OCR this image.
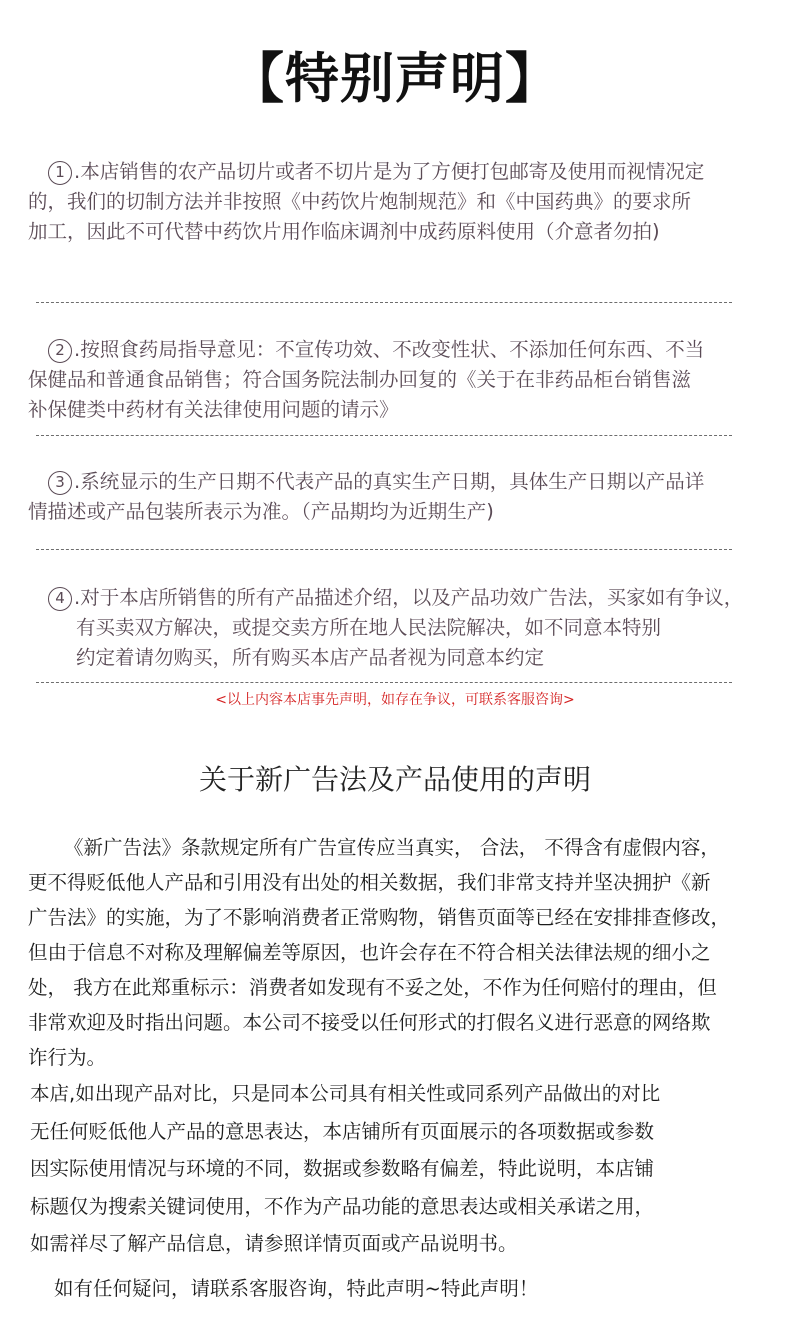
【特别声明】
1 .本店销售的农产品切片或者不切片是为了方便打包邮寄及使用而视情况定
的，我们的切制方法并非按照《中药饮片炮制规范》和《中国药典》的要求所
加工，因此不可代替中药饮片用作临床调剂中成药原料使用（介意者勿拍)
2 .按照食药局指导意见：不宣传功效、不改变性状、不添加任何东西、不当
保健品和普通食品销售；符合国务院法制办回复的《关于在非药品柜台销售滋
补保健类中药材有关法律使用问题的请示》
3 .系统显示的生产日期不代表产品的真实生产日期，具体生产日期以产品详
情描述或产品包装所表示为准。（产品期均为近期生产)
4 .对于本店所销售的所有产品描述介绍，以及产品功效广告法，买家如有争议，
有买卖双方解决，或提交卖方所在地人民法院解决，如不同意本特别
约定着请勿购买，所有购买本店产品者视为同意本约定
<以上内容本店事先声明，如存在争议，可联系客服咨询>
关于新广告法及产品使用的声明
《新广告法》条款规定所有广告宣传应当真实， 合法， 不得含有虚假内容，
更不得贬低他人产品和引用没有出处的相关数据，我们非常支持并坚决拥护《新
广告法》的实施，为了不影响消费者正常购物，销售页面等已经在安排排查修改，
但由于信息不对称及理解偏差等原因，也许会存在不符合相关法律法规的细小之
处， 我方在此郑重标示：消费者如发现有不妥之处，不作为任何赔付的理由，但
非常欢迎及时指出问题。本公司不接受以任何形式的打假名义进行恶意的网络欺
诈行为。
本店,如出现产品对比，只是同本公司具有相关性或同系列产品做出的对比
无任何贬低他人产品的意思表达，本店铺所有页面展示的各项数据或参数
因实际使用情况与环境的不同，数据或参数略有偏差，特此说明，本店铺
标题仅为搜索关键词使用，不作为产品功能的意思表达或相关承诺之用，
如需祥尽了解产品信息，请参照详情页面或产品说明书。
如有任何疑问，请联系客服咨询，特此声明~特此声明！
